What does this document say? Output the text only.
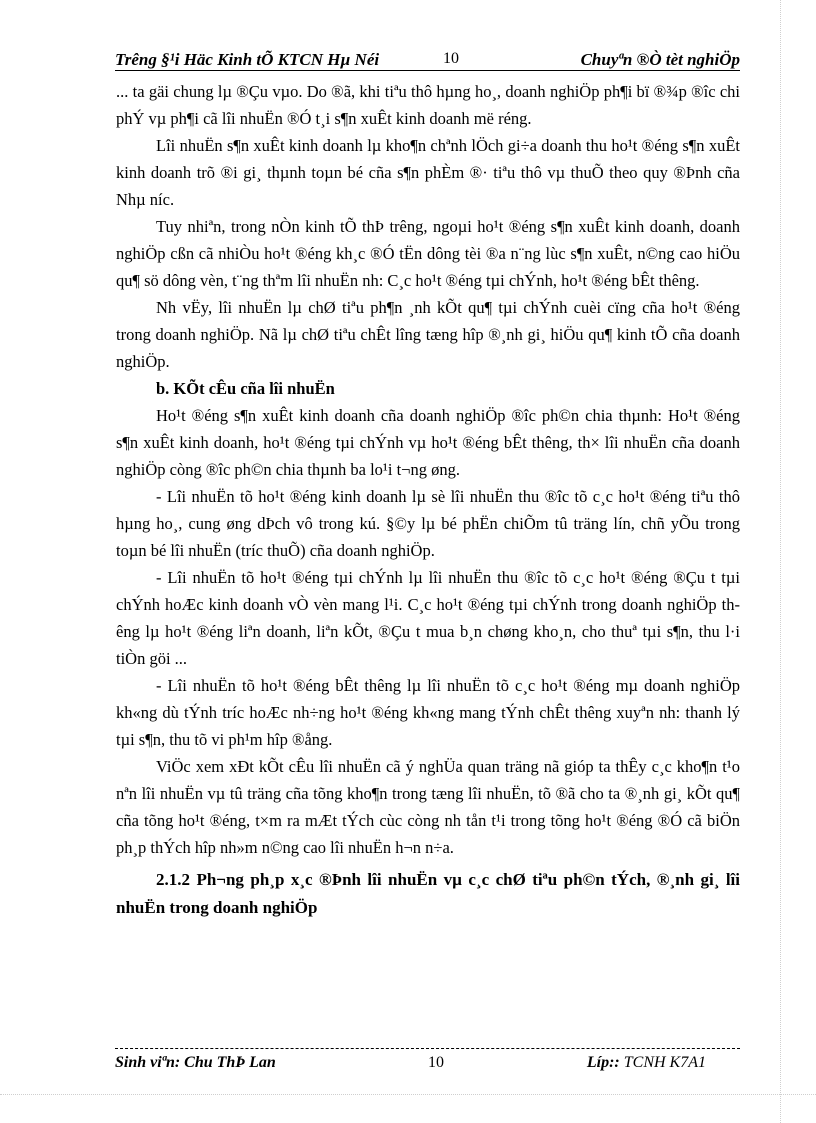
Trêng §¹i Häc Kinh tÕ KTCN Hµ Néi	10	Chuyªn ®Ò tèt nghiÖp

... ta gäi chung lµ ®Çu vµo. Do ®ã, khi tiªu thô hµng ho¸, doanh nghiÖp ph¶i bï ®¾p ®îc chi phÝ vµ ph¶i cã lîi nhuËn ®Ó t¸i s¶n xuÊt kinh doanh më réng.

Lîi nhuËn s¶n xuÊt kinh doanh lµ kho¶n chªnh lÖch gi÷a doanh thu ho¹t ®éng s¶n xuÊt kinh doanh trõ ®i gi¸ thµnh toµn bé cña s¶n phÈm ®· tiªu thô vµ thuÕ theo quy ®Þnh cña Nhµ níc.

Tuy nhiªn, trong nÒn kinh tÕ thÞ trêng, ngoµi ho¹t ®éng s¶n xuÊt kinh doanh, doanh nghiÖp cßn cã nhiÒu ho¹t ®éng kh¸c ®Ó tËn dông tèi ®a n¨ng lùc s¶n xuÊt, n©ng cao hiÖu qu¶ sö dông vèn, t¨ng thªm lîi nhuËn nh: C¸c ho¹t ®éng tµi chÝnh, ho¹t ®éng bÊt thêng.

Nh vËy, lîi nhuËn lµ chØ tiªu ph¶n ¸nh kÕt qu¶ tµi chÝnh cuèi cïng cña ho¹t ®éng trong doanh nghiÖp. Nã lµ chØ tiªu chÊt lîng tæng hîp ®¸nh gi¸ hiÖu qu¶ kinh tÕ cña doanh nghiÖp.

b. KÕt cÊu cña lîi nhuËn

Ho¹t ®éng s¶n xuÊt kinh doanh cña doanh nghiÖp ®îc ph©n chia thµnh: Ho¹t ®éng s¶n xuÊt kinh doanh, ho¹t ®éng tµi chÝnh vµ ho¹t ®éng bÊt thêng, th× lîi nhuËn cña doanh nghiÖp còng ®îc ph©n chia thµnh ba lo¹i t¬ng øng.

- Lîi nhuËn tõ ho¹t ®éng kinh doanh lµ sè lîi nhuËn thu ®îc tõ c¸c ho¹t ®éng tiªu thô hµng ho¸, cung øng dÞch vô trong kú. §©y lµ bé phËn chiÕm tû träng lín, chñ yÕu trong toµn bé lîi nhuËn (tríc thuÕ) cña doanh nghiÖp.

- Lîi nhuËn tõ ho¹t ®éng tµi chÝnh lµ lîi nhuËn thu ®îc tõ c¸c ho¹t ®éng ®Çu t tµi chÝnh hoÆc kinh doanh vÒ vèn mang l¹i. C¸c ho¹t ®éng tµi chÝnh trong doanh nghiÖp thêng lµ ho¹t ®éng liªn doanh, liªn kÕt, ®Çu t mua b¸n chøng kho¸n, cho thuª tµi s¶n, thu l·i tiÒn göi ...

- Lîi nhuËn tõ ho¹t ®éng bÊt thêng lµ lîi nhuËn tõ c¸c ho¹t ®éng mµ doanh nghiÖp kh«ng dù tÝnh tríc hoÆc nh÷ng ho¹t ®éng kh«ng mang tÝnh chÊt thêng xuyªn nh: thanh lý tµi s¶n, thu tõ vi ph¹m hîp ®ång.

ViÖc xem xÐt kÕt cÊu lîi nhuËn cã ý nghÜa quan träng nã gióp ta thÊy c¸c kho¶n t¹o nªn lîi nhuËn vµ tû träng cña tõng kho¶n trong tæng lîi nhuËn, tõ ®ã cho ta ®¸nh gi¸ kÕt qu¶ cña tõng ho¹t ®éng, t×m ra mÆt tÝch cùc còng nh tån t¹i trong tõng ho¹t ®éng ®Ó cã biÖn ph¸p thÝch hîp nh»m n©ng cao lîi nhuËn h¬n n÷a.

2.1.2 Ph¬ng ph¸p x¸c ®Þnh lîi nhuËn vµ c¸c chØ tiªu ph©n tÝch, ®¸nh gi¸ lîi nhuËn trong doanh nghiÖp

Sinh viªn: Chu ThÞ Lan	10	Líp:: TCNH K7A1
